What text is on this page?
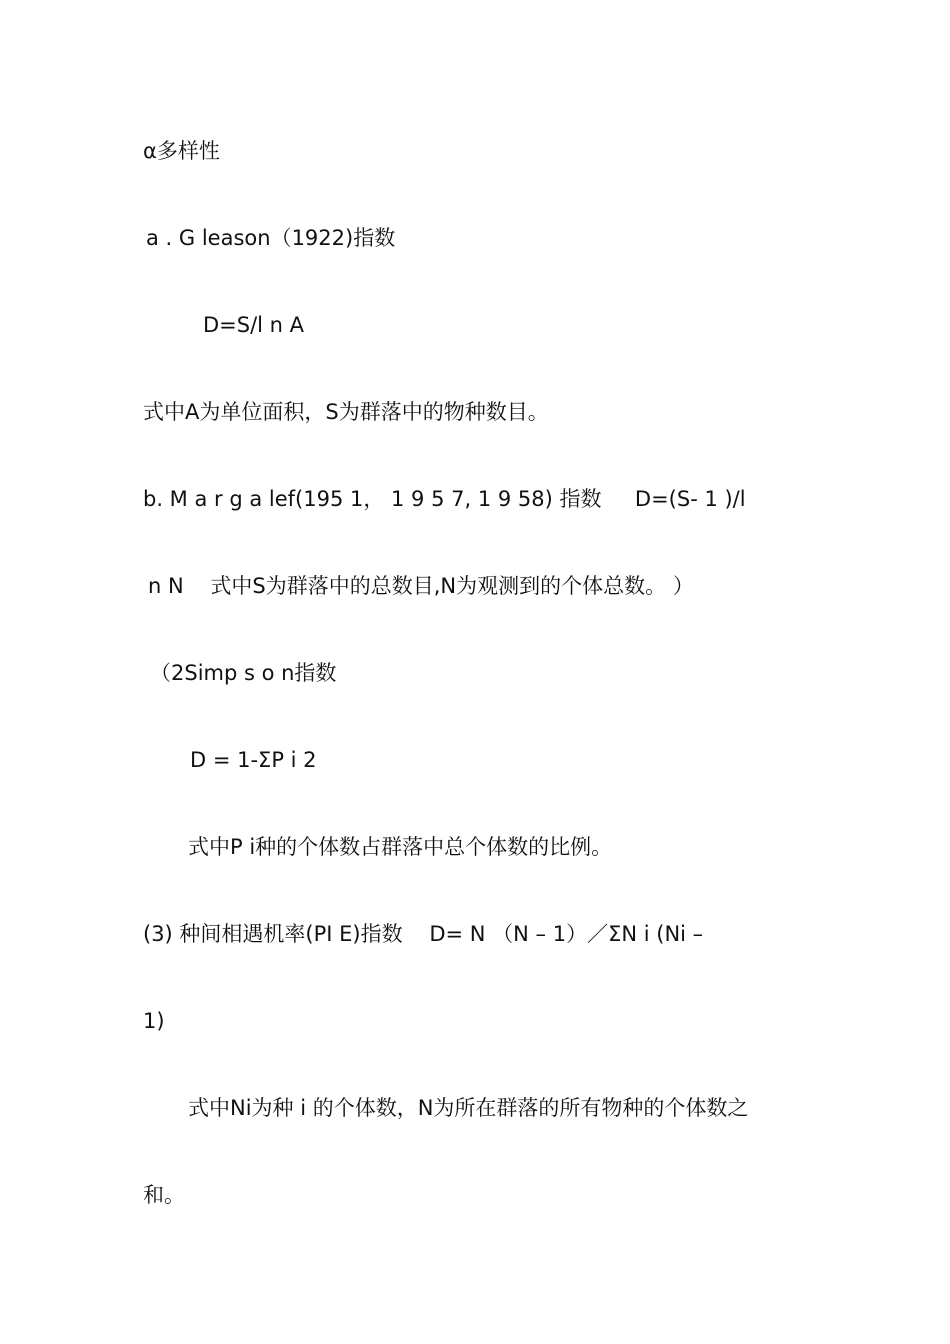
α多样性

a . G leason（1922)指数

D=S/l n A

式中A为单位面积，S为群落中的物种数目。

b. M a r g a lef(195 1， 1 9 5 7, 1 9 58) 指数 ‌ ‌ ‌ ‌ D=(S- 1 )/l

n N ‌ ‌ ‌ 式中S为群落中的总数目,N为观测到的个体总数。 ）

（2Simp s o n指数

D = 1-ΣP i 2

式中P i种的个体数占群落中总个体数的比例。

(3) 种间相遇机率(PI E)指数 ‌ ‌ ‌ D= N （N – 1）／ΣN i (Ni –

1)

式中Ni为种 i 的个体数，N为所在群落的所有物种的个体数之

和。
